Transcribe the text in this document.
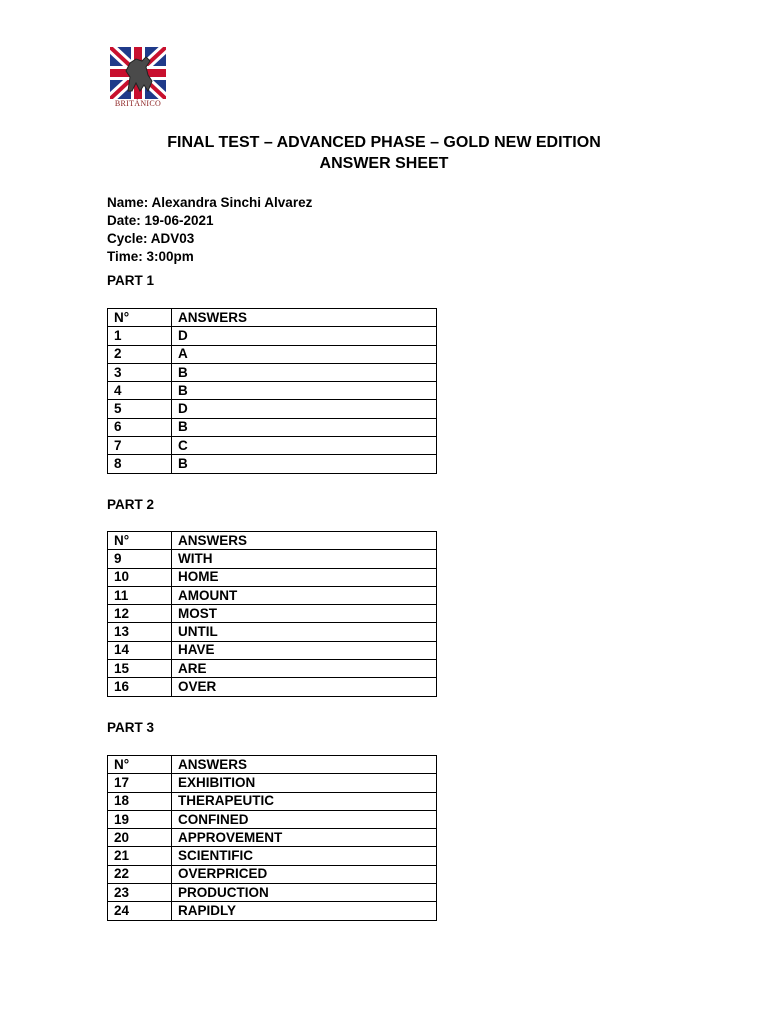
BRITÁNICO
FINAL TEST – ADVANCED PHASE – GOLD NEW EDITION
ANSWER SHEET
Name: Alexandra Sinchi Alvarez
Date: 19-06-2021
Cycle: ADV03
Time: 3:00pm
PART 1
N°	ANSWERS
1	D
2	A
3	B
4	B
5	D
6	B
7	C
8	B
PART 2
N°	ANSWERS
9	WITH
10	HOME
11	AMOUNT
12	MOST
13	UNTIL
14	HAVE
15	ARE
16	OVER
PART 3
N°	ANSWERS
17	EXHIBITION
18	THERAPEUTIC
19	CONFINED
20	APPROVEMENT
21	SCIENTIFIC
22	OVERPRICED
23	PRODUCTION
24	RAPIDLY
